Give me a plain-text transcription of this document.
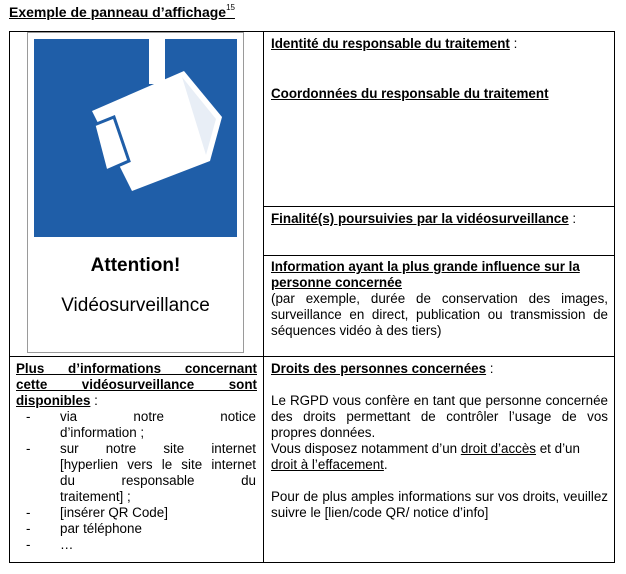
Exemple de panneau d’affichage$^{15}$
Attention!
Vidéosurveillance
Identité du responsable du traitement :
Coordonnées du responsable du traitement
Finalité(s) poursuivies par la vidéosurveillance :
Information ayant la plus grande influence sur la personne concernée
(par exemple, durée de conservation des images, surveillance en direct, publication ou transmission de séquences vidéo à des tiers)
Plus d’informations concernant
cette vidéosurveillance sont
disponibles :
- via notre notice
d’information ;
- sur notre site internet
[hyperlien vers le site internet
du responsable du
traitement] ;
- [insérer QR Code]
- par téléphone
- …
Droits des personnes concernées :
Le RGPD vous confère en tant que personne concernée des droits permettant de contrôler l’usage de vos propres données.
Vous disposez notamment d’un droit d’accès et d’un droit à l’effacement.
Pour de plus amples informations sur vos droits, veuillez suivre le [lien/code QR/ notice d’info]
